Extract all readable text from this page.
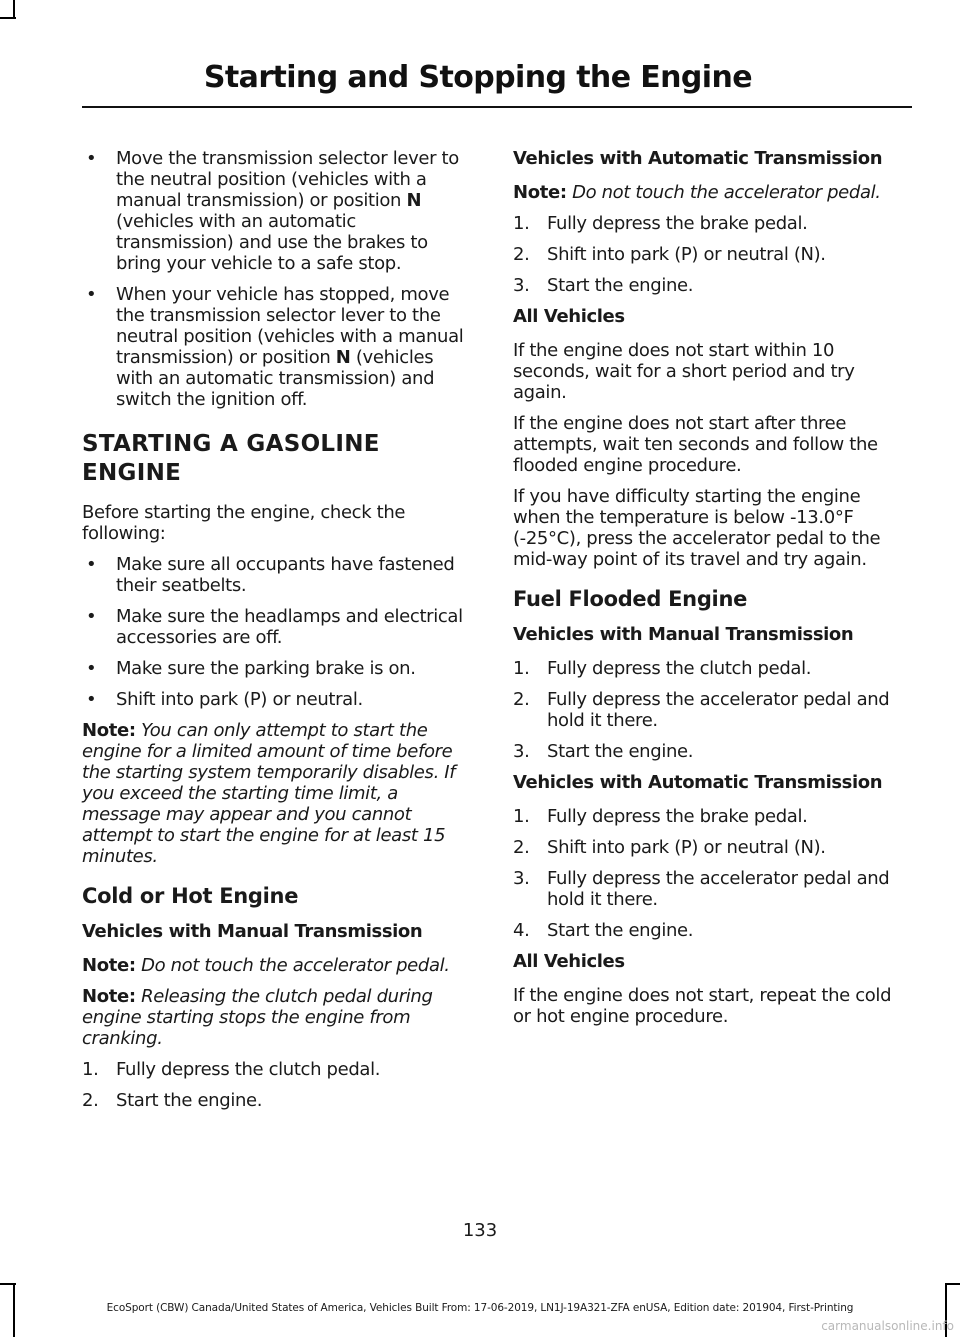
Starting and Stopping the Engine
• Move the transmission selector lever to the neutral position (vehicles with a manual transmission) or position N (vehicles with an automatic transmission) and use the brakes to bring your vehicle to a safe stop.
• When your vehicle has stopped, move the transmission selector lever to the neutral position (vehicles with a manual transmission) or position N (vehicles with an automatic transmission) and switch the ignition off.
STARTING A GASOLINE ENGINE

Before starting the engine, check the following:

• Make sure all occupants have fastened their seatbelts.
• Make sure the headlamps and electrical accessories are off.
• Make sure the parking brake is on.
• Shift into park (P) or neutral.

Note: You can only attempt to start the engine for a limited amount of time before the starting system temporarily disables. If you exceed the starting time limit, a message may appear and you cannot attempt to start the engine for at least 15 minutes.

Cold or Hot Engine
Vehicles with Manual Transmission

Note: Do not touch the accelerator pedal.

Note: Releasing the clutch pedal during engine starting stops the engine from cranking.

1. Fully depress the clutch pedal.
2. Start the engine.
Vehicles with Automatic Transmission

Note: Do not touch the accelerator pedal.

1. Fully depress the brake pedal.
2. Shift into park (P) or neutral (N).
3. Start the engine.
All Vehicles

If the engine does not start within 10 seconds, wait for a short period and try again.

If the engine does not start after three attempts, wait ten seconds and follow the flooded engine procedure.

If you have difficulty starting the engine when the temperature is below -13.0°F (-25°C), press the accelerator pedal to the mid-way point of its travel and try again.

Fuel Flooded Engine
Vehicles with Manual Transmission
1. Fully depress the clutch pedal.
2. Fully depress the accelerator pedal and hold it there.
3. Start the engine.
Vehicles with Automatic Transmission
1. Fully depress the brake pedal.
2. Shift into park (P) or neutral (N).
3. Fully depress the accelerator pedal and hold it there.
4. Start the engine.
All Vehicles

If the engine does not start, repeat the cold or hot engine procedure.

133
EcoSport (CBW) Canada/United States of America, Vehicles Built From: 17-06-2019, LN1J-19A321-ZFA enUSA, Edition date: 201904, First-Printing
carmanualsonline.info
